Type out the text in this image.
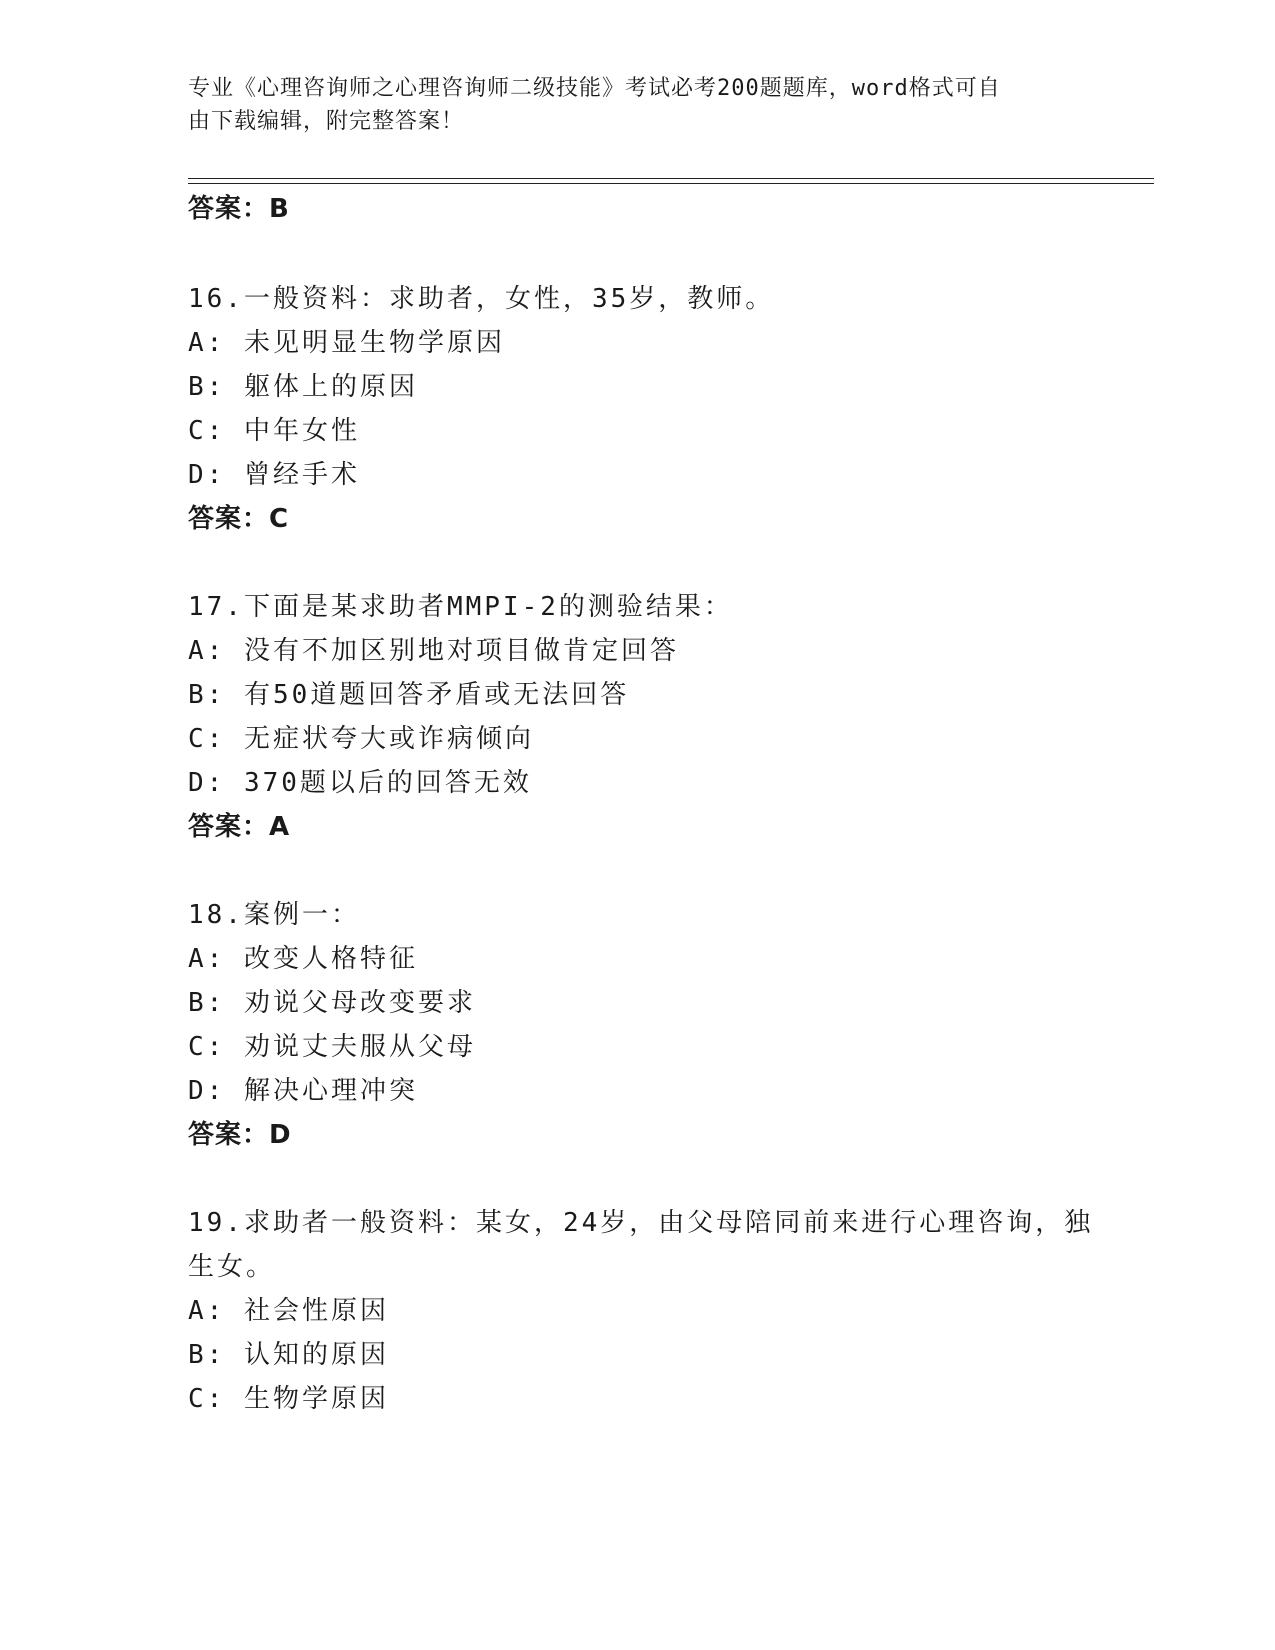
专业《心理咨询师之心理咨询师二级技能》考试必考200题题库，word格式可自
由下载编辑，附完整答案！
答案：B
16.一般资料：求助者，女性，35岁，教师。
A: 未见明显生物学原因
B: 躯体上的原因
C: 中年女性
D: 曾经手术
答案：C
17.下面是某求助者MMPI-2的测验结果：
A: 没有不加区别地对项目做肯定回答
B: 有50道题回答矛盾或无法回答
C: 无症状夸大或诈病倾向
D: 370题以后的回答无效
答案：A
18.案例一：
A: 改变人格特征
B: 劝说父母改变要求
C: 劝说丈夫服从父母
D: 解决心理冲突
答案：D
19.求助者一般资料：某女，24岁，由父母陪同前来进行心理咨询，独
生女。
A: 社会性原因
B: 认知的原因
C: 生物学原因
